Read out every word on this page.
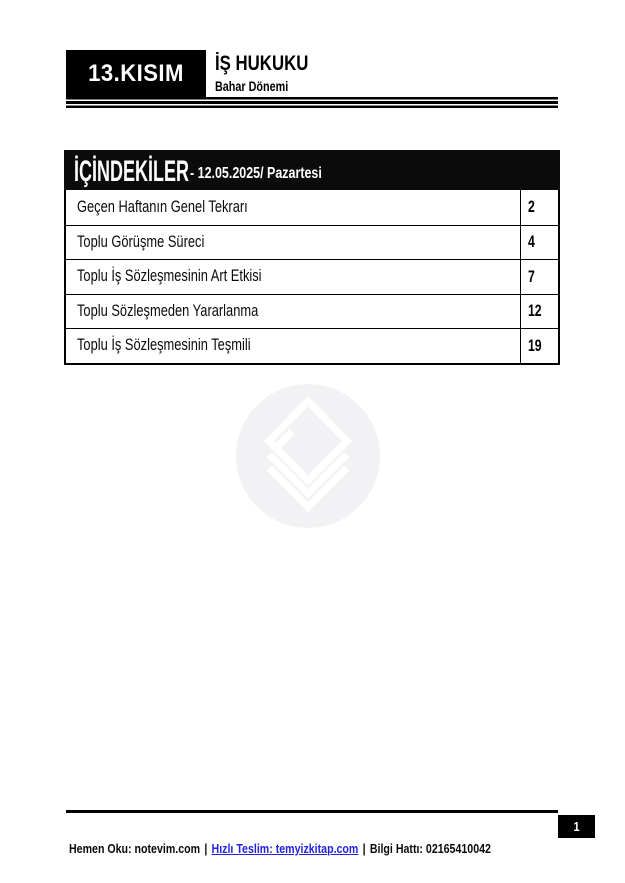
13.KISIM İŞ HUKUKU
Bahar Dönemi
İÇİNDEKİLER - 12.05.2025/ Pazartesi
Geçen Haftanın Genel Tekrarı	2
Toplu Görüşme Süreci	4
Toplu İş Sözleşmesinin Art Etkisi	7
Toplu Sözleşmeden Yararlanma	12
Toplu İş Sözleşmesinin Teşmili	19
1
Hemen Oku: notevim.com | Hızlı Teslim: temyizkitap.com | Bilgi Hattı: 02165410042
